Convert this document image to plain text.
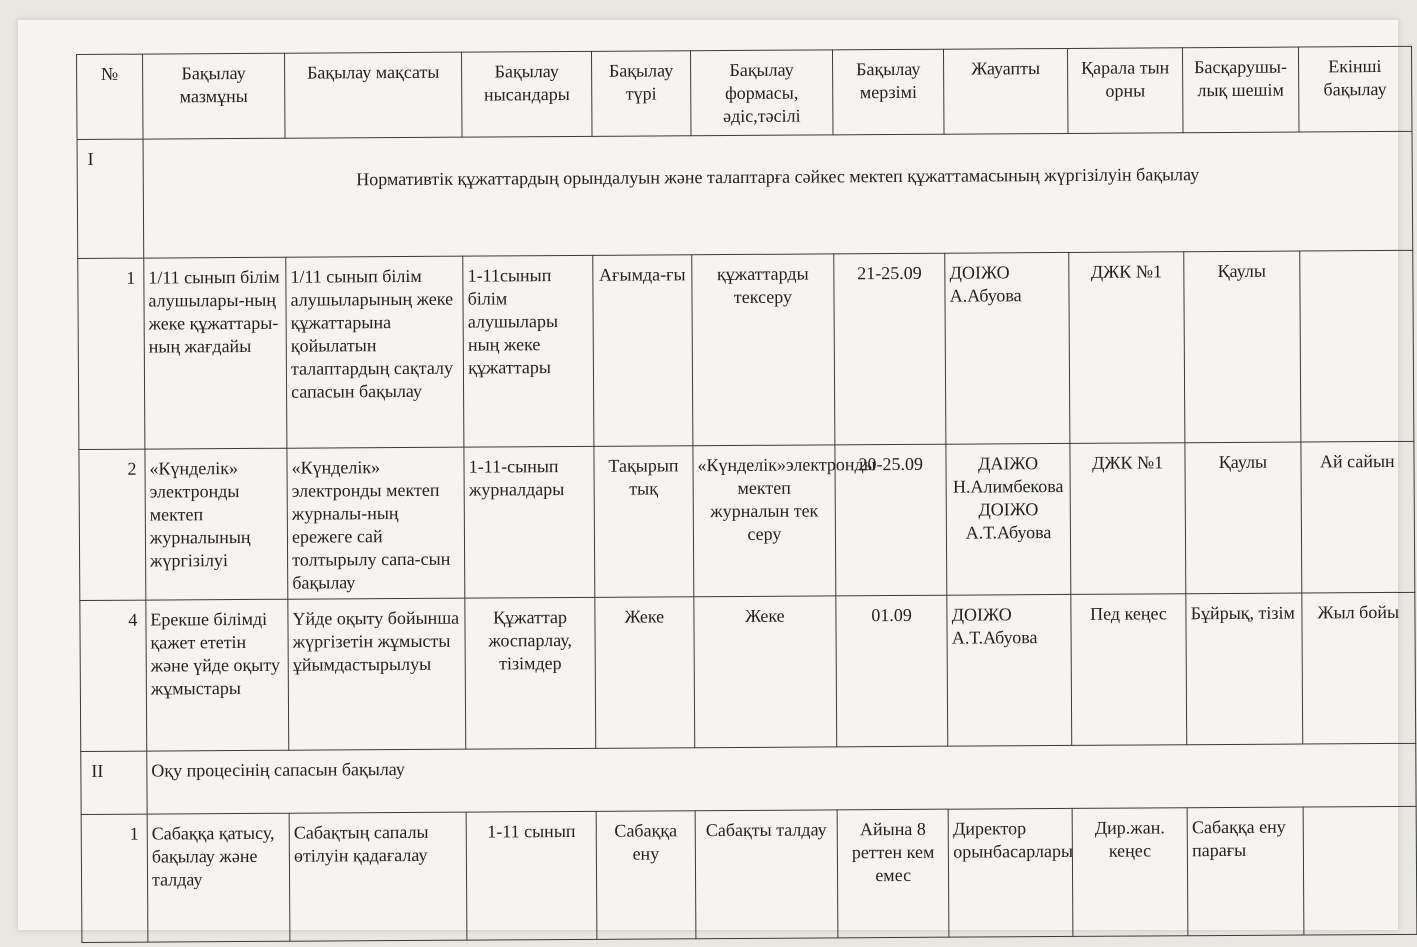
№	Бақылау мазмұны	Бақылау мақсаты	Бақылау нысандары	Бақылау түрі	Бақылау формасы, әдіс,тәсілі	Бақылау мерзімі	Жауапты	Қарала тын орны	Басқарушы-лық шешім	Екінші бақылау
I	Нормативтік құжаттардың орындалуын және талаптарға сәйкес мектеп құжаттамасының жүргізілуін бақылау									
1	1/11 сынып білім алушылары-ның жеке құжаттары-ның жағдайы	1/11 сынып білім алушыларының жеке құжаттарына қойылатын талаптардың сақталу сапасын бақылау	1-11сынып білім алушылары ның жеке құжаттары	Ағымда-ғы	құжаттарды тексеру	21-25.09	ДОІЖО А.Абуова	ДЖК №1	Қаулы	
2	«Күнделік» электронды мектеп журналының жүргізілуі	«Күнделік» электронды мектеп журналы-ның ережеге сай толтырылу сапа-сын бақылау	1-11-сынып журналдары	Тақырып тық	«Күнделік»электронды мектеп журналын тек серу	20-25.09	ДАІЖО Н.Алимбекова ДОІЖО А.Т.Абуова	ДЖК №1	Қаулы	Ай сайын
4	Ерекше білімді қажет ететін және үйде оқыту жұмыстары	Үйде оқыту бойынша жүргізетін жұмысты ұйымдастырылуы	Құжаттар жоспарлау, тізімдер	Жеке	Жеке	01.09	ДОІЖО А.Т.Абуова	Пед кеңес	Бұйрық, тізім	Жыл бойы
II	Оқу процесінің сапасын бақылау									
1	Сабаққа қатысу, бақылау және талдау	Сабақтың сапалы өтілуін қадағалау	1-11 сынып	Сабаққа ену	Сабақты талдау	Айына 8 реттен кем емес	Директор орынбасарлары	Дир.жан. кеңес	Сабаққа ену парағы	
